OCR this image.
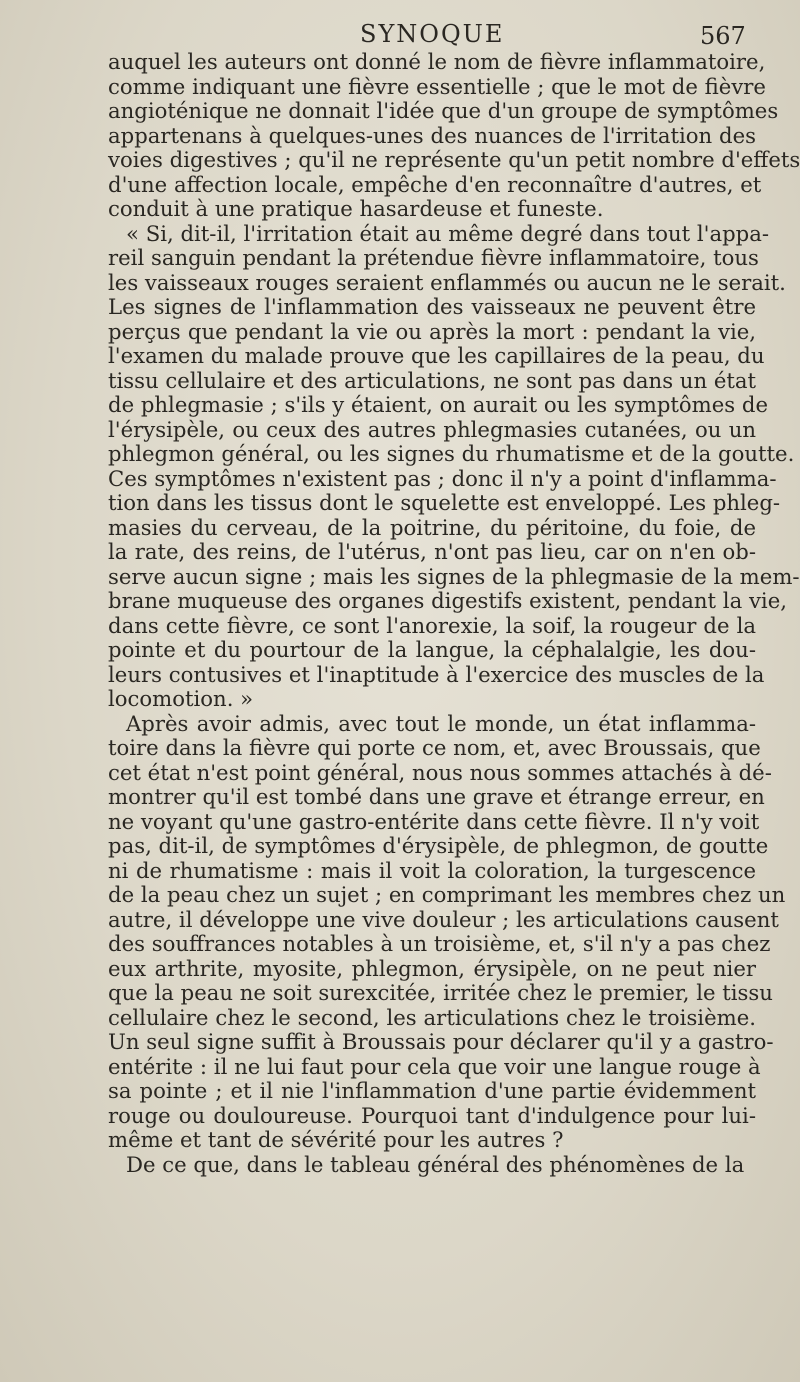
SYNOQUE	567
auquel les auteurs ont donné le nom de fièvre inflammatoire,
comme indiquant une fièvre essentielle ; que le mot de fièvre
angioténique ne donnait l'idée que d'un groupe de symptômes
appartenans à quelques-unes des nuances de l'irritation des
voies digestives ; qu'il ne représente qu'un petit nombre d'effets
d'une affection locale, empêche d'en reconnaître d'autres, et
conduit à une pratique hasardeuse et funeste.
« Si, dit-il, l'irritation était au même degré dans tout l'appa-
reil sanguin pendant la prétendue fièvre inflammatoire, tous
les vaisseaux rouges seraient enflammés ou aucun ne le serait.
Les signes de l'inflammation des vaisseaux ne peuvent être
perçus que pendant la vie ou après la mort : pendant la vie,
l'examen du malade prouve que les capillaires de la peau, du
tissu cellulaire et des articulations, ne sont pas dans un état
de phlegmasie ; s'ils y étaient, on aurait ou les symptômes de
l'érysipèle, ou ceux des autres phlegmasies cutanées, ou un
phlegmon général, ou les signes du rhumatisme et de la goutte.
Ces symptômes n'existent pas ; donc il n'y a point d'inflamma-
tion dans les tissus dont le squelette est enveloppé. Les phleg-
masies du cerveau, de la poitrine, du péritoine, du foie, de
la rate, des reins, de l'utérus, n'ont pas lieu, car on n'en ob-
serve aucun signe ; mais les signes de la phlegmasie de la mem-
brane muqueuse des organes digestifs existent, pendant la vie,
dans cette fièvre, ce sont l'anorexie, la soif, la rougeur de la
pointe et du pourtour de la langue, la céphalalgie, les dou-
leurs contusives et l'inaptitude à l'exercice des muscles de la
locomotion. »
Après avoir admis, avec tout le monde, un état inflamma-
toire dans la fièvre qui porte ce nom, et, avec Broussais, que
cet état n'est point général, nous nous sommes attachés à dé-
montrer qu'il est tombé dans une grave et étrange erreur, en
ne voyant qu'une gastro-entérite dans cette fièvre. Il n'y voit
pas, dit-il, de symptômes d'érysipèle, de phlegmon, de goutte
ni de rhumatisme : mais il voit la coloration, la turgescence
de la peau chez un sujet ; en comprimant les membres chez un
autre, il développe une vive douleur ; les articulations causent
des souffrances notables à un troisième, et, s'il n'y a pas chez
eux arthrite, myosite, phlegmon, érysipèle, on ne peut nier
que la peau ne soit surexcitée, irritée chez le premier, le tissu
cellulaire chez le second, les articulations chez le troisième.
Un seul signe suffit à Broussais pour déclarer qu'il y a gastro-
entérite : il ne lui faut pour cela que voir une langue rouge à
sa pointe ; et il nie l'inflammation d'une partie évidemment
rouge ou douloureuse. Pourquoi tant d'indulgence pour lui-
même et tant de sévérité pour les autres ?
De ce que, dans le tableau général des phénomènes de la
